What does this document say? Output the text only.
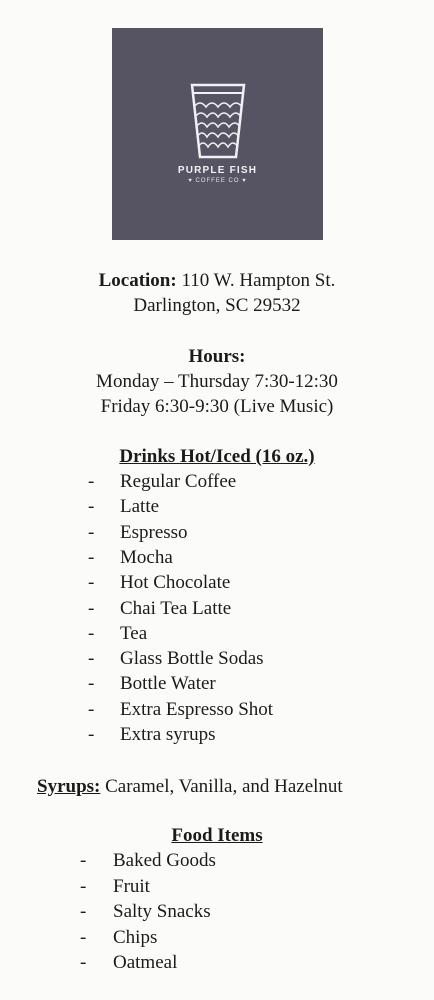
PURPLE FISH
♥ COFFEE CO ♥
Location: 110 W. Hampton St.
Darlington, SC 29532
Hours:
Monday – Thursday 7:30-12:30
Friday 6:30-9:30 (Live Music)
Drinks Hot/Iced (16 oz.)
- Regular Coffee
- Latte
- Espresso
- Mocha
- Hot Chocolate
- Chai Tea Latte
- Tea
- Glass Bottle Sodas
- Bottle Water
- Extra Espresso Shot
- Extra syrups
Syrups: Caramel, Vanilla, and Hazelnut
Food Items
- Baked Goods
- Fruit
- Salty Snacks
- Chips
- Oatmeal
